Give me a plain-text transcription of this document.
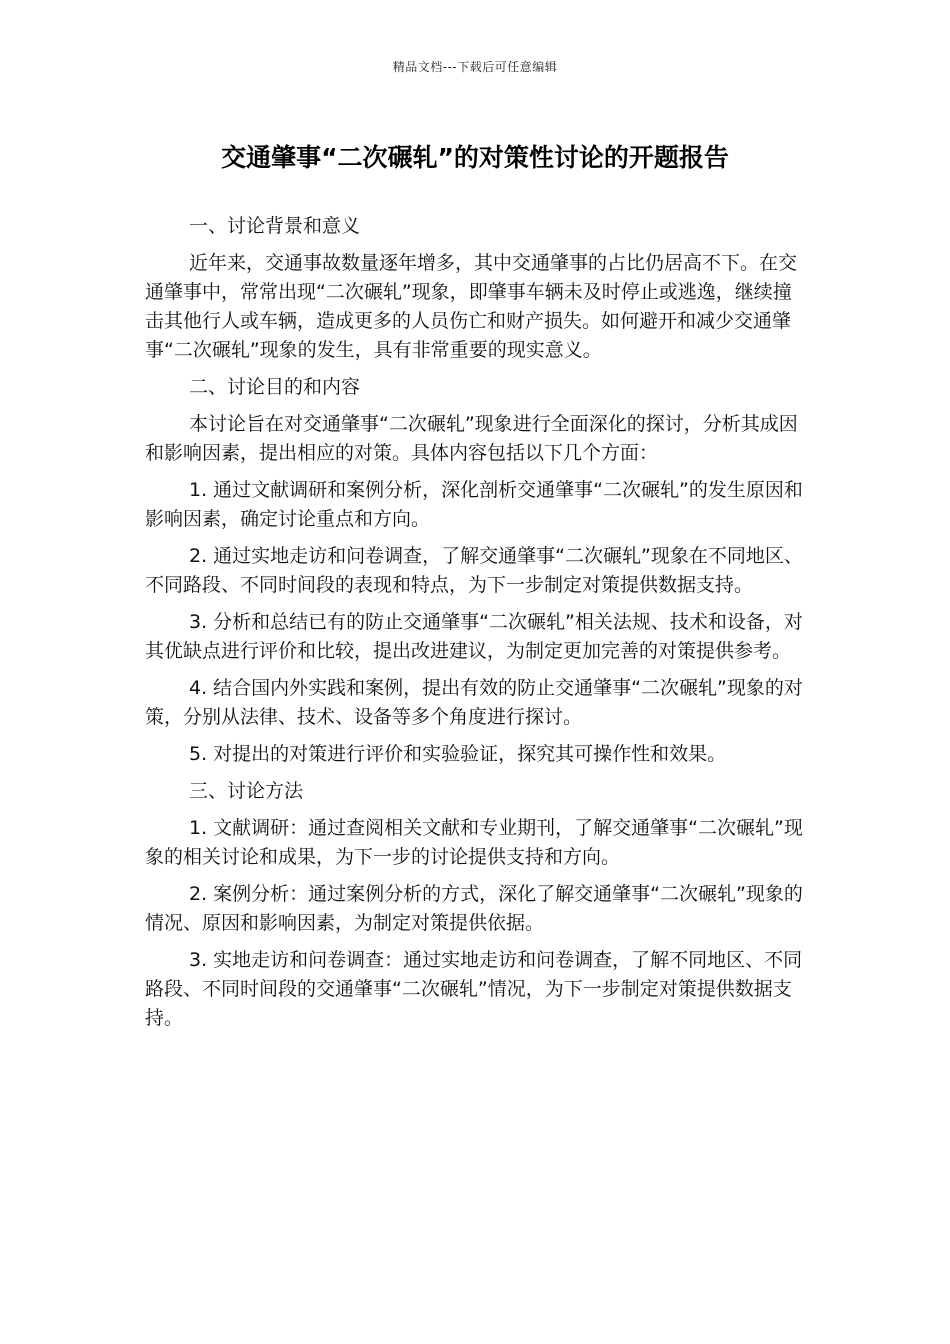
精品文档---下载后可任意编辑
交通肇事“二次碾轧”的对策性讨论的开题报告

一、讨论背景和意义

近年来，交通事故数量逐年增多，其中交通肇事的占比仍居高不下。在交通肇事中，常常出现“二次碾轧”现象，即肇事车辆未及时停止或逃逸，继续撞击其他行人或车辆，造成更多的人员伤亡和财产损失。如何避开和减少交通肇事“二次碾轧”现象的发生，具有非常重要的现实意义。

二、讨论目的和内容

本讨论旨在对交通肇事“二次碾轧”现象进行全面深化的探讨，分析其成因和影响因素，提出相应的对策。具体内容包括以下几个方面：

1. 通过文献调研和案例分析，深化剖析交通肇事“二次碾轧”的发生原因和影响因素，确定讨论重点和方向。

2. 通过实地走访和问卷调查，了解交通肇事“二次碾轧”现象在不同地区、不同路段、不同时间段的表现和特点，为下一步制定对策提供数据支持。

3. 分析和总结已有的防止交通肇事“二次碾轧”相关法规、技术和设备，对其优缺点进行评价和比较，提出改进建议，为制定更加完善的对策提供参考。

4. 结合国内外实践和案例，提出有效的防止交通肇事“二次碾轧”现象的对策，分别从法律、技术、设备等多个角度进行探讨。

5. 对提出的对策进行评价和实验验证，探究其可操作性和效果。

三、讨论方法

1. 文献调研：通过查阅相关文献和专业期刊，了解交通肇事“二次碾轧”现象的相关讨论和成果，为下一步的讨论提供支持和方向。

2. 案例分析：通过案例分析的方式，深化了解交通肇事“二次碾轧”现象的情况、原因和影响因素，为制定对策提供依据。

3. 实地走访和问卷调查：通过实地走访和问卷调查，了解不同地区、不同路段、不同时间段的交通肇事“二次碾轧”情况，为下一步制定对策提供数据支持。
